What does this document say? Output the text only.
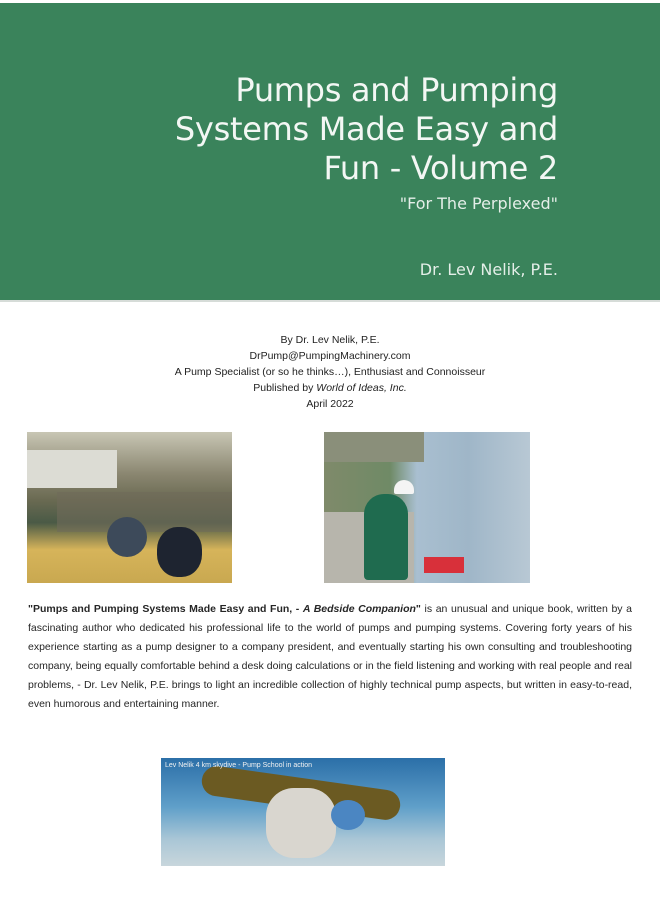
Pumps and Pumping
Systems Made Easy and
Fun - Volume 2
"For The Perplexed"
Dr. Lev Nelik, P.E.
By Dr. Lev Nelik, P.E.
DrPump@PumpingMachinery.com
A Pump Specialist (or so he thinks…), Enthusiast and Connoisseur
Published by World of Ideas, Inc.
April 2022
"Pumps and Pumping Systems Made Easy and Fun, - A Bedside Companion" is an unusual and unique book, written by a fascinating author who dedicated his professional life to the world of pumps and pumping systems. Covering forty years of his experience starting as a pump designer to a company president, and eventually starting his own consulting and troubleshooting company, being equally comfortable behind a desk doing calculations or in the field listening and working with real people and real problems, - Dr. Lev Nelik, P.E. brings to light an incredible collection of highly technical pump aspects, but written in easy-to-read, even humorous and entertaining manner.
Lev Nelik 4 km skydive - Pump School in action
